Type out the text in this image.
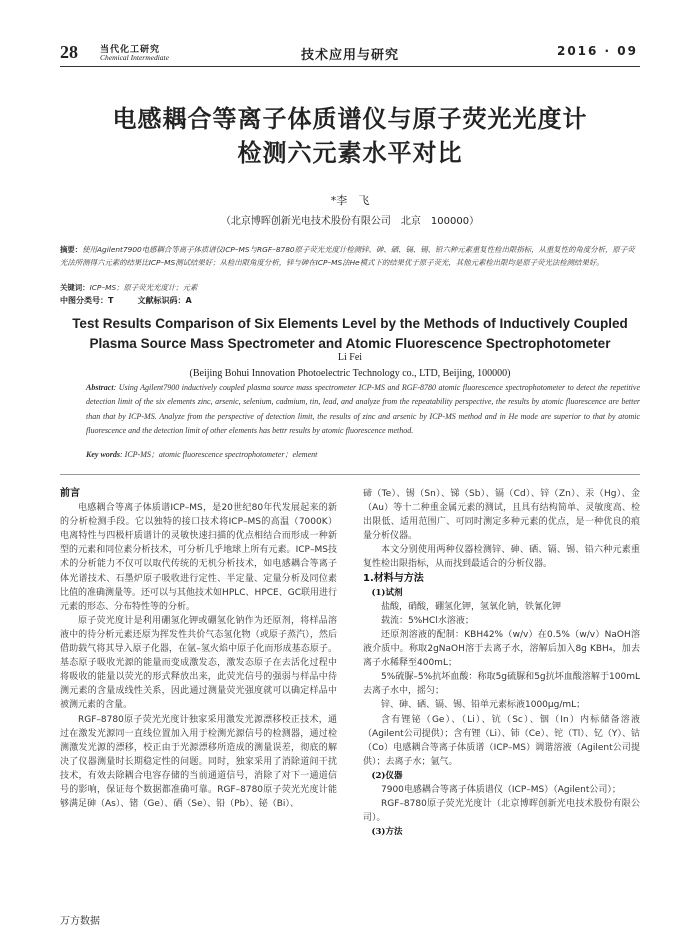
28 当代化工研究
Chemical Intermediate	技术应用与研究	2016 · 09
电感耦合等离子体质谱仪与原子荧光光度计
检测六元素水平对比
*李　飞
（北京博晖创新光电技术股份有限公司　北京　100000）
摘要：使用Agilent7900电感耦合等离子体质谱仪ICP–MS与RGF–8780原子荧光光度计检测锌、砷、硒、镉、锡、铅六种元素重复性检出限指标，从重复性的角度分析，原子荧光法所测得六元素的结果比ICP–MS测试结果好；从检出限角度分析，锌与砷在ICP–MS法He模式下的结果优于原子荧光，其他元素检出限均是原子荧光法检测结果好。
关键词：ICP–MS；原子荧光光度计；元素
中图分类号：T　　　文献标识码：A
Test Results Comparison of Six Elements Level by the Methods of Inductively Coupled
Plasma Source Mass Spectrometer and Atomic Fluorescence Spectrophotometer
Li Fei
(Beijing Bohui Innovation Photoelectric Technology co., LTD, Beijing, 100000)
Abstract: Using Agilent7900 inductively coupled plasma source mass spectrometer ICP-MS and RGF-8780 atomic fluorescence spectrophotometer to detect the repetitive detection limit of the six elements zinc, arsenic, selenium, cadmium, tin, lead, and analyze from the repeatability perspective, the results by atomic fluorescence are better than that by ICP-MS. Analyze from the perspective of detection limit, the results of zinc and arsenic by ICP-MS method and in He mode are superior to that by atomic fluorescence and the detection limit of other elements has bettr results by atomic fluorescence method.
Key words: ICP-MS；atomic fluorescence spectrophotometer；element

前言

电感耦合等离子体质谱ICP–MS，是20世纪80年代发展起来的新的分析检测手段。它以独特的接口技术将ICP–MS的高温（7000K）电离特性与四极杆质谱计的灵敏快速扫描的优点相结合而形成一种新型的元素和同位素分析技术，可分析几乎地球上所有元素。ICP–MS技术的分析能力不仅可以取代传统的无机分析技术，如电感耦合等离子体光谱技术、石墨炉原子吸收进行定性、半定量、定量分析及同位素比值的准确测量等。还可以与其他技术如HPLC、HPCE、GC联用进行元素的形态、分布特性等的分析。

原子荧光度计是利用硼氢化钾或硼氢化钠作为还原剂，将样品溶液中的待分析元素还原为挥发性共价气态氢化物（或原子蒸汽），然后借助载气将其导入原子化器，在氩–氢火焰中原子化而形成基态原子。基态原子吸收光源的能量而变成激发态，激发态原子在去活化过程中将吸收的能量以荧光的形式释放出来，此荧光信号的强弱与样品中待测元素的含量成线性关系，因此通过测量荧光强度就可以确定样品中被测元素的含量。

RGF–8780原子荧光光度计独家采用激发光源漂移校正技术，通过在激发光源同一直线位置加入用于检测光源信号的检测器，通过检测激发光源的漂移，校正由于光源漂移所造成的测量误差，彻底的解决了仪器测量时长期稳定性的问题。同时，独家采用了消除道间干扰技术，有效去除耦合电容存储的当前通道信号，消除了对下一通道信号的影响，保证每个数据都准确可靠。RGF–8780原子荧光光度计能够满足砷（As）、锗（Ge）、硒（Se）、铅（Pb）、铋（Bi）、

碲（Te）、锡（Sn）、锑（Sb）、镉（Cd）、锌（Zn）、汞（Hg）、金（Au）等十二种重金属元素的测试，且具有结构简单、灵敏度高、检出限低、适用范围广、可同时测定多种元素的优点，是一种优良的痕量分析仪器。

本文分别使用两种仪器检测锌、砷、硒、镉、锡、铅六种元素重复性检出限指标，从而找到最适合的分析仪器。

1.材料与方法

(1)试剂

盐酸，硝酸，硼氢化钾，氢氧化钠，铁氰化钾

载流：5%HCl水溶液；

还原剂溶液的配制：KBH42%（w/v）在0.5%（w/v）NaOH溶液介质中。称取2gNaOH溶于去离子水，溶解后加入8g KBH₄，加去离子水稀释至400mL；

5%硫脲–5%抗坏血酸：称取5g硫脲和5g抗坏血酸溶解于100mL去离子水中，摇匀；

锌、砷、硒、镉、锡、铅单元素标液1000μg/mL；

含有锂铋（Ge）、（Li）、钪（Sc）、铟（In）内标储备溶液（Agilent公司提供）；含有锂（Li）、铈（Ce）、铊（Tl）、钇（Y）、钴（Co）电感耦合等离子体质谱（ICP–MS）调谐溶液（Agilent公司提供）；去离子水；氩气。

(2)仪器

7900电感耦合等离子体质谱仪（ICP–MS）（Agilent公司）；

RGF–8780原子荧光光度计（北京博晖创新光电技术股份有限公司）。

(3)方法

万方数据
